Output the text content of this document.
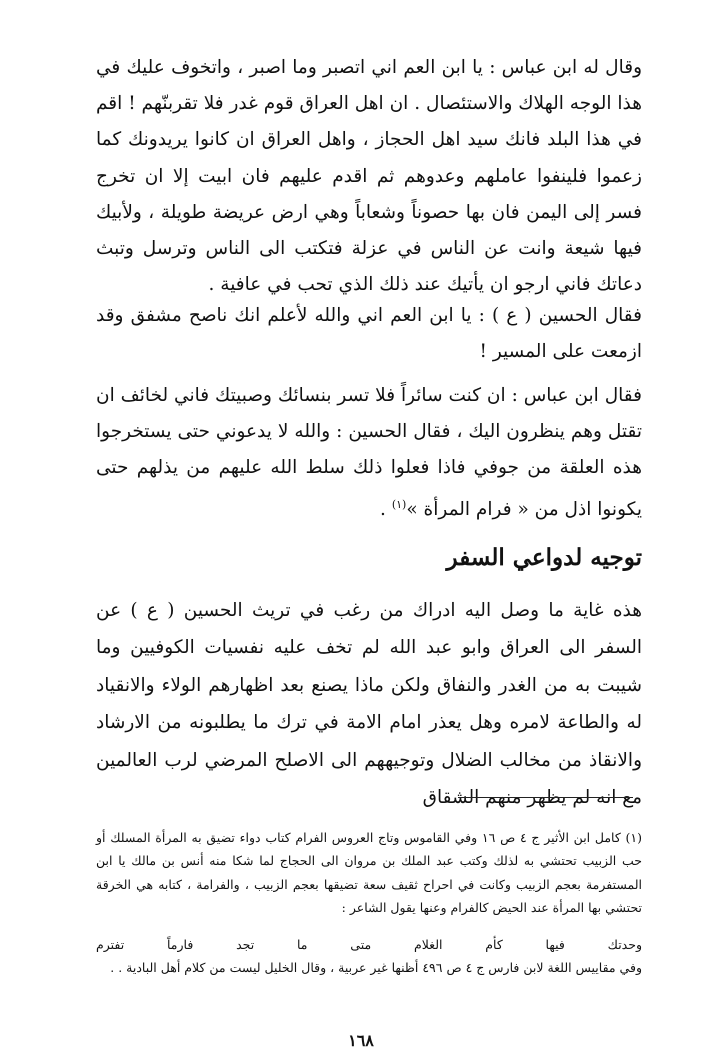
وقال له ابن عباس : يا ابن العم اني اتصبر وما اصبر ، واتخوف عليك في هذا الوجه الهلاك والاستئصال . ان اهل العراق قوم غدر فلا تقربنّهم ! اقم في هذا البلد فانك سيد اهل الحجاز ، واهل العراق ان كانوا يريدونك كما زعموا فلينفوا عاملهم وعدوهم ثم اقدم عليهم فان ابيت إلا ان تخرج فسر إلى اليمن فان بها حصوناً وشعاباً وهي ارض عريضة طويلة ، ولأبيك فيها شيعة وانت عن الناس في عزلة فتكتب الى الناس وترسل وتبث دعاتك فاني ارجو ان يأتيك عند ذلك الذي تحب في عافية .

فقال الحسين ( ع ) : يا ابن العم اني والله لأعلم انك ناصح مشفق وقد ازمعت على المسير !

فقال ابن عباس : ان كنت سائراً فلا تسر بنسائك وصبيتك فاني لخائف ان تقتل وهم ينظرون اليك ، فقال الحسين : والله لا يدعوني حتى يستخرجوا هذه العلقة من جوفي فاذا فعلوا ذلك سلط الله عليهم من يذلهم حتى يكونوا اذل من « فرام المرأة »$^{(١)}$ .

توجيه لدواعي السفر

هذه غاية ما وصل اليه ادراك من رغب في تريث الحسين ( ع ) عن السفر الى العراق وابو عبد الله لم تخف عليه نفسيات الكوفيين وما شيبت به من الغدر والنفاق ولكن ماذا يصنع بعد اظهارهم الولاء والانقياد له والطاعة لامره وهل يعذر امام الامة في ترك ما يطلبونه من الارشاد والانقاذ من مخالب الضلال وتوجيههم الى الاصلح المرضي لرب العالمين مع انه لم يظهر منهم الشقاق

(١) كامل ابن الأثير ج ٤ ص ١٦ وفي القاموس وتاج العروس الفرام كتاب دواء تضيق به المرأة المسلك أو حب الزبيب تحتشي به لذلك وكتب عبد الملك بن مروان الى الحجاج لما شكا منه أنس بن مالك يا ابن المستفرمة بعجم الزبيب وكانت في احراح ثقيف سعة تضيقها بعجم الزبيب ، والفرامة ، كتابه هي الخرقة تحتشي بها المرأة عند الحيض كالفرام وعنها يقول الشاعر :

وحدتك
فيها
كأم
الغلام
متى
ما
تجد
فارماً
تفترم

وفي مقاييس اللغة لابن فارس ج ٤ ص ٤٩٦ أظنها غير عربية ، وقال الخليل ليست من كلام أهل البادية . .

١٦٨
